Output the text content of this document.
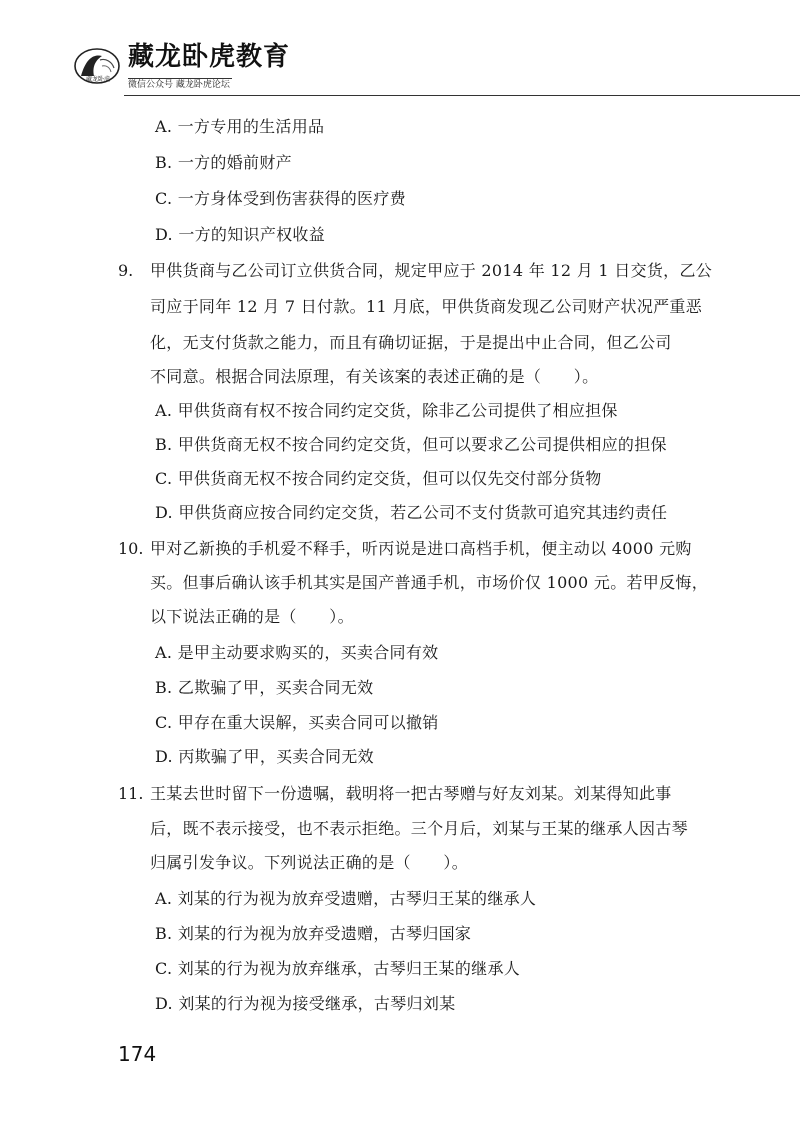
藏龙卧虎教育
微信公众号 藏龙卧虎论坛
藏龙卧虎
A. 一方专用的生活用品
B. 一方的婚前财产
C. 一方身体受到伤害获得的医疗费
D. 一方的知识产权收益
9. 甲供货商与乙公司订立供货合同，规定甲应于 2014 年 12 月 1 日交货，乙公
司应于同年 12 月 7 日付款。11 月底，甲供货商发现乙公司财产状况严重恶
化，无支付货款之能力，而且有确切证据，于是提出中止合同，但乙公司
不同意。根据合同法原理，有关该案的表述正确的是（　　）。
A. 甲供货商有权不按合同约定交货，除非乙公司提供了相应担保
B. 甲供货商无权不按合同约定交货，但可以要求乙公司提供相应的担保
C. 甲供货商无权不按合同约定交货，但可以仅先交付部分货物
D. 甲供货商应按合同约定交货，若乙公司不支付货款可追究其违约责任
10. 甲对乙新换的手机爱不释手，听丙说是进口高档手机，便主动以 4000 元购
买。但事后确认该手机其实是国产普通手机，市场价仅 1000 元。若甲反悔，
以下说法正确的是（　　）。
A. 是甲主动要求购买的，买卖合同有效
B. 乙欺骗了甲，买卖合同无效
C. 甲存在重大误解，买卖合同可以撤销
D. 丙欺骗了甲，买卖合同无效
11. 王某去世时留下一份遗嘱，载明将一把古琴赠与好友刘某。刘某得知此事
后，既不表示接受，也不表示拒绝。三个月后，刘某与王某的继承人因古琴
归属引发争议。下列说法正确的是（　　）。
A. 刘某的行为视为放弃受遗赠，古琴归王某的继承人
B. 刘某的行为视为放弃受遗赠，古琴归国家
C. 刘某的行为视为放弃继承，古琴归王某的继承人
D. 刘某的行为视为接受继承，古琴归刘某
174
